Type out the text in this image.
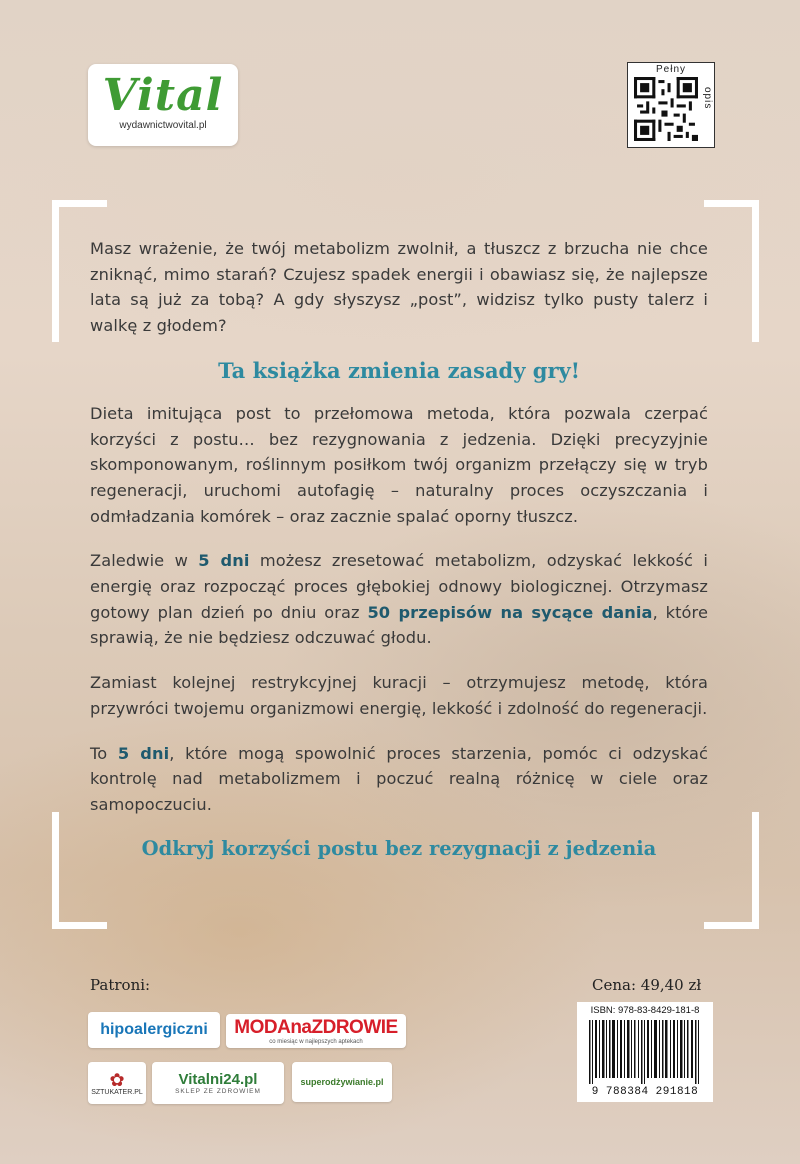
Vital
wydawnictwovital.pl
Pełny
opis

Masz wrażenie, że twój metabolizm zwolnił, a tłuszcz z brzucha nie chce zniknąć, mimo starań? Czujesz spadek energii i obawiasz się, że najlepsze lata są już za tobą? A gdy słyszysz „post”, widzisz tylko pusty talerz i walkę z głodem?

Ta książka zmienia zasady gry!

Dieta imitująca post to przełomowa metoda, która pozwala czerpać korzyści z postu… bez rezygnowania z jedzenia. Dzięki precyzyjnie skomponowanym, roślinnym posiłkom twój organizm przełączy się w tryb regeneracji, uruchomi autofagię – naturalny proces oczyszczania i odmładzania komórek – oraz zacznie spalać oporny tłuszcz.

Zaledwie w 5 dni możesz zresetować metabolizm, odzyskać lekkość i energię oraz rozpocząć proces głębokiej odnowy biologicznej. Otrzymasz gotowy plan dzień po dniu oraz 50 przepisów na sycące dania, które sprawią, że nie będziesz odczuwać głodu.

Zamiast kolejnej restrykcyjnej kuracji – otrzymujesz metodę, która przywróci twojemu organizmowi energię, lekkość i zdolność do regeneracji.

To 5 dni, które mogą spowolnić proces starzenia, pomóc ci odzyskać kontrolę nad metabolizmem i poczuć realną różnicę w ciele oraz samopoczuciu.

Odkryj korzyści postu bez rezygnacji z jedzenia
Patroni:	Cena: 49,40 zł
hipoalergiczni MODAnaZDROWIE
co miesiąc w najlepszych aptekach
✿
SZTUKATER.PL
Vitalni24.pl
SKLEP ZE ZDROWIEM
superodżywianie.pl
ISBN: 978-83-8429-181-8
9 788384 291818
